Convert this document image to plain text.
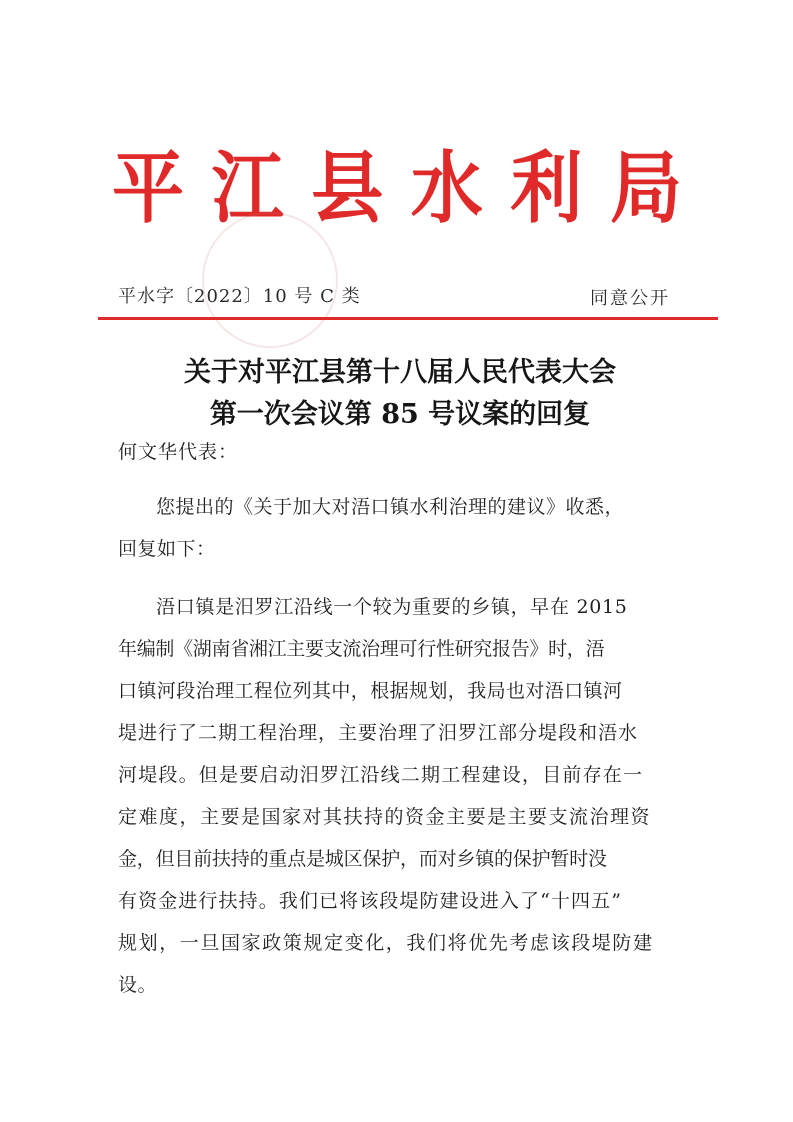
平 江 县 水 利 局
平水字〔2022〕10 号 C 类	同意公开
关于对平江县第十八届人民代表大会
第一次会议第 85 号议案的回复

何文华代表：

您提出的《关于加大对浯口镇水利治理的建议》收悉，
回复如下：

浯口镇是汨罗江沿线一个较为重要的乡镇，早在 2015
年编制《湖南省湘江主要支流治理可行性研究报告》时，浯
口镇河段治理工程位列其中，根据规划，我局也对浯口镇河
堤进行了二期工程治理，主要治理了汨罗江部分堤段和浯水
河堤段。但是要启动汨罗江沿线二期工程建设，目前存在一
定难度，主要是国家对其扶持的资金主要是主要支流治理资
金，但目前扶持的重点是城区保护，而对乡镇的保护暂时没
有资金进行扶持。我们已将该段堤防建设进入了“十四五”
规划，一旦国家政策规定变化，我们将优先考虑该段堤防建
设。
